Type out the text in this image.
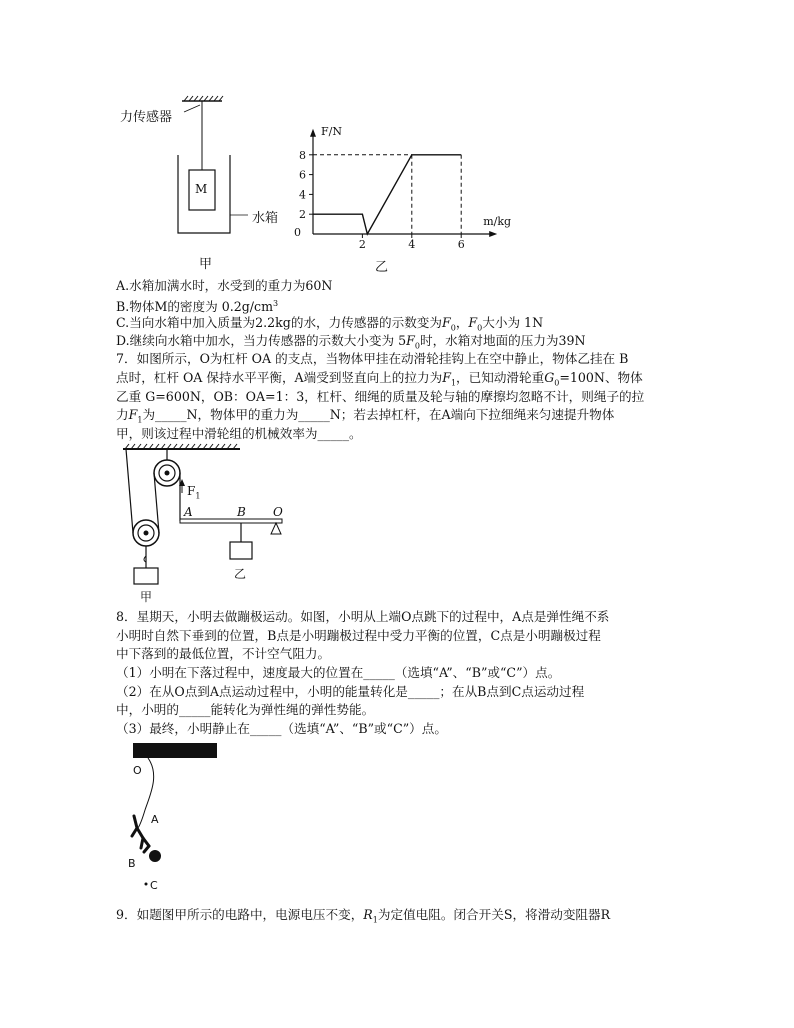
力传感器
M
水箱
甲
2
4
6
8
2	4	6
0
F/N
m/kg
乙
A.水箱加满水时，水受到的重力为60N
B.物体M的密度为 $0.2g/cm^3$
C.当向水箱中加入质量为2.2kg的水，力传感器的示数变为$F_0$，$F_0$大小为 1N
D.继续向水箱中加水，当力传感器的示数大小变为 $5F_0$时，水箱对地面的压力为39N
7．如图所示，O为杠杆 OA 的支点，当物体甲挂在动滑轮挂钩上在空中静止，物体乙挂在 B
点时，杠杆 OA 保持水平平衡，A端受到竖直向上的拉力为$F_1$，已知动滑轮重$G_0=100N$、物体
乙重 G=600N，OB：OA=1：3，杠杆、细绳的质量及轮与轴的摩擦均忽略不计，则绳子的拉
力$F_1$为_____N，物体甲的重力为_____N；若去掉杠杆，在A端向下拉细绳来匀速提升物体
甲，则该过程中滑轮组的机械效率为_____。
$F_1$
A	B O
甲
乙
8．星期天，小明去做蹦极运动。如图，小明从上端O点跳下的过程中，A点是弹性绳不系
小明时自然下垂到的位置，B点是小明蹦极过程中受力平衡的位置，C点是小明蹦极过程
中下落到的最低位置，不计空气阻力。
（1）小明在下落过程中，速度最大的位置在_____（选填“A”、“B”或“C”）点。
（2）在从O点到A点运动过程中，小明的能量转化是_____；在从B点到C点运动过程
中，小明的_____能转化为弹性绳的弹性势能。
（3）最终，小明静止在_____（选填“A”、“B”或“C”）点。
O
A
B
C
9．如题图甲所示的电路中，电源电压不变，$R_1$为定值电阻。闭合开关S，将滑动变阻器R
